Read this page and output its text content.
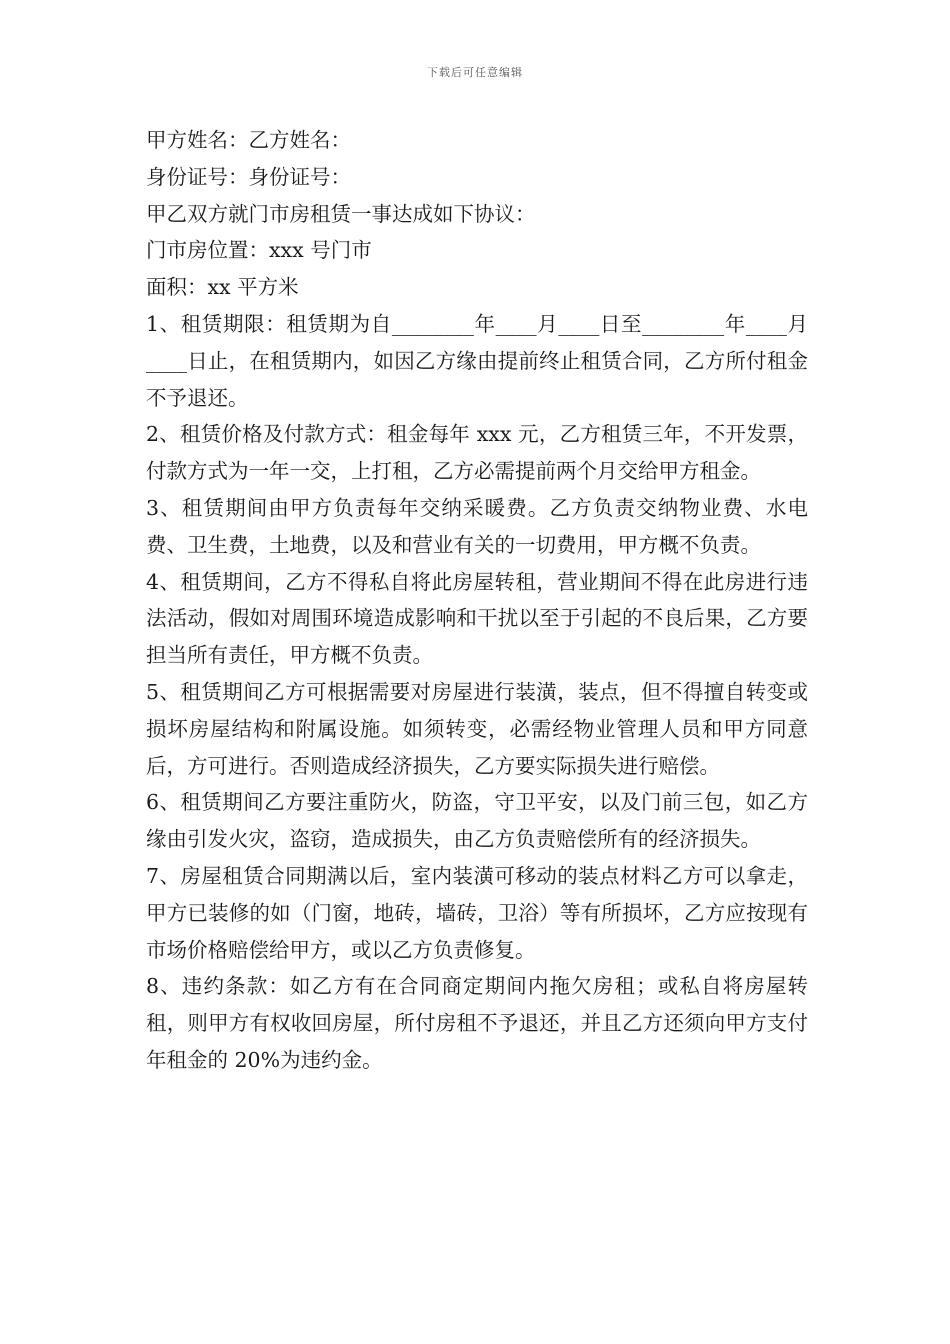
下载后可任意编辑
甲方姓名：乙方姓名：
身份证号：身份证号：
甲乙双方就门市房租赁一事达成如下协议：
门市房位置：xxx 号门市
面积：xx 平方米
1、租赁期限：租赁期为自________年____月____日至________年____月____日止，在租赁期内，如因乙方缘由提前终止租赁合同，乙方所付租金不予退还。
2、租赁价格及付款方式：租金每年 xxx 元，乙方租赁三年，不开发票，付款方式为一年一交，上打租，乙方必需提前两个月交给甲方租金。
3、租赁期间由甲方负责每年交纳采暖费。乙方负责交纳物业费、水电费、卫生费，土地费，以及和营业有关的一切费用，甲方概不负责。
4、租赁期间，乙方不得私自将此房屋转租，营业期间不得在此房进行违法活动，假如对周围环境造成影响和干扰以至于引起的不良后果，乙方要担当所有责任，甲方概不负责。
5、租赁期间乙方可根据需要对房屋进行装潢，装点，但不得擅自转变或损坏房屋结构和附属设施。如须转变，必需经物业管理人员和甲方同意后，方可进行。否则造成经济损失，乙方要实际损失进行赔偿。
6、租赁期间乙方要注重防火，防盗，守卫平安，以及门前三包，如乙方缘由引发火灾，盗窃，造成损失，由乙方负责赔偿所有的经济损失。
7、房屋租赁合同期满以后，室内装潢可移动的装点材料乙方可以拿走，甲方已装修的如（门窗，地砖，墙砖，卫浴）等有所损坏，乙方应按现有市场价格赔偿给甲方，或以乙方负责修复。
8、违约条款：如乙方有在合同商定期间内拖欠房租；或私自将房屋转租，则甲方有权收回房屋，所付房租不予退还，并且乙方还须向甲方支付年租金的 20%为违约金。
